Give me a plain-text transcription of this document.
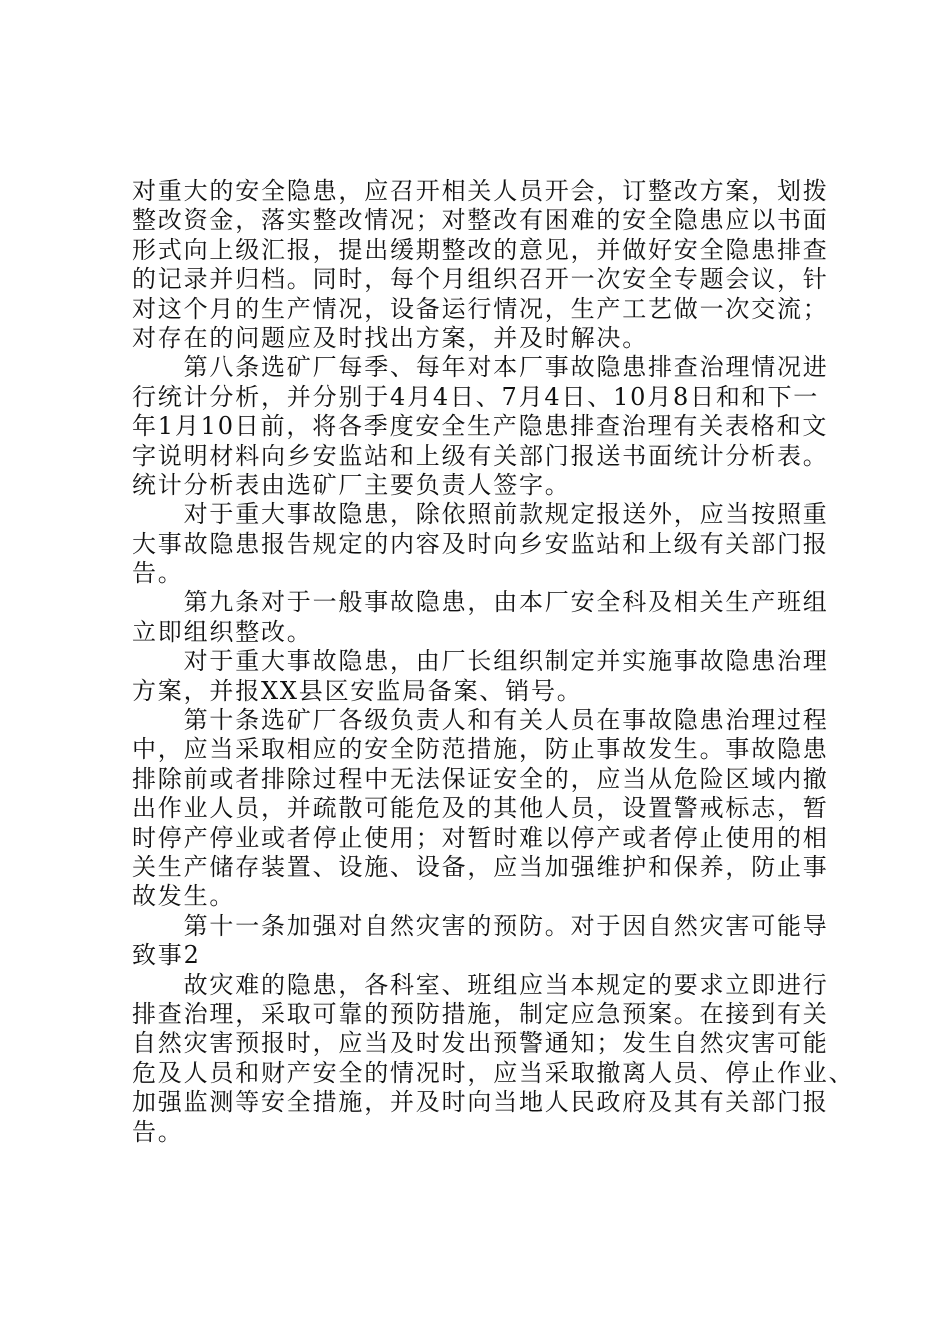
对重大的安全隐患，应召开相关人员开会，订整改方案，划拨
整改资金，落实整改情况；对整改有困难的安全隐患应以书面
形式向上级汇报，提出缓期整改的意见，并做好安全隐患排查
的记录并归档。同时，每个月组织召开一次安全专题会议，针
对这个月的生产情况，设备运行情况，生产工艺做一次交流；
对存在的问题应及时找出方案，并及时解决。
　　第八条选矿厂每季、每年对本厂事故隐患排查治理情况进
行统计分析，并分别于4月4日、7月4日、10月8日和和下一
年1月10日前，将各季度安全生产隐患排查治理有关表格和文
字说明材料向乡安监站和上级有关部门报送书面统计分析表。
统计分析表由选矿厂主要负责人签字。
　　对于重大事故隐患，除依照前款规定报送外，应当按照重
大事故隐患报告规定的内容及时向乡安监站和上级有关部门报
告。
　　第九条对于一般事故隐患，由本厂安全科及相关生产班组
立即组织整改。
　　对于重大事故隐患，由厂长组织制定并实施事故隐患治理
方案，并报XX县区安监局备案、销号。
　　第十条选矿厂各级负责人和有关人员在事故隐患治理过程
中，应当采取相应的安全防范措施，防止事故发生。事故隐患
排除前或者排除过程中无法保证安全的，应当从危险区域内撤
出作业人员，并疏散可能危及的其他人员，设置警戒标志，暂
时停产停业或者停止使用；对暂时难以停产或者停止使用的相
关生产储存装置、设施、设备，应当加强维护和保养，防止事
故发生。
　　第十一条加强对自然灾害的预防。对于因自然灾害可能导
致事2
　　故灾难的隐患，各科室、班组应当本规定的要求立即进行
排查治理，采取可靠的预防措施，制定应急预案。在接到有关
自然灾害预报时，应当及时发出预警通知；发生自然灾害可能
危及人员和财产安全的情况时，应当采取撤离人员、停止作业、
加强监测等安全措施，并及时向当地人民政府及其有关部门报
告。
